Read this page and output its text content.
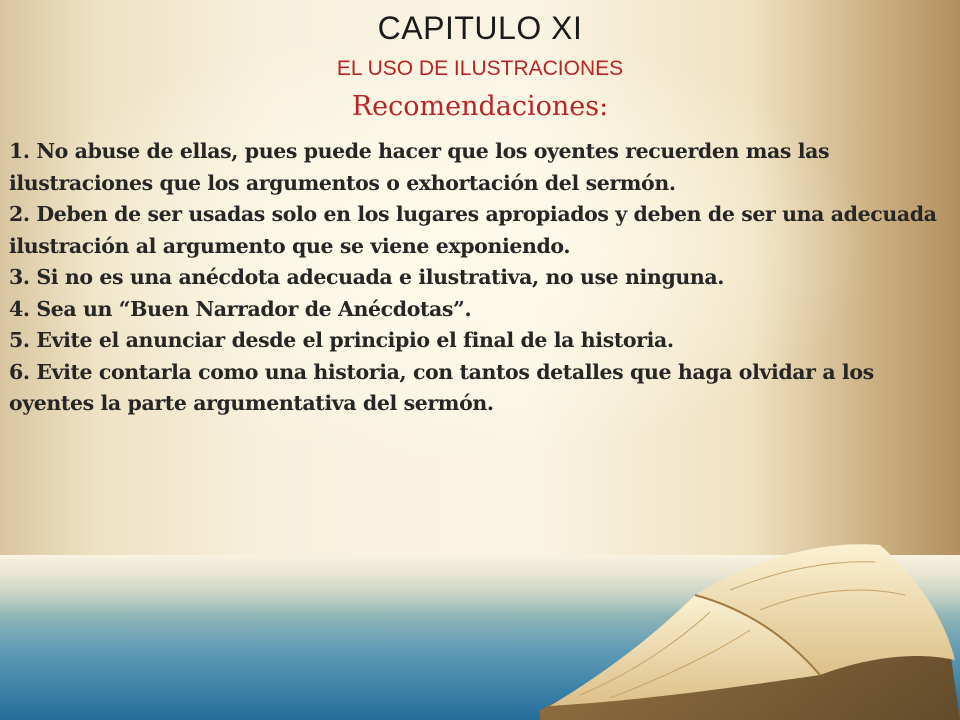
CAPITULO XI
EL USO DE ILUSTRACIONES
Recomendaciones:

1. No abuse de ellas, pues puede hacer que los oyentes recuerden mas las ilustraciones que los argumentos o exhortación del sermón.

2. Deben de ser usadas solo en los lugares apropiados y deben de ser una adecuada ilustración al argumento que se viene exponiendo.

3. Si no es una anécdota adecuada e ilustrativa, no use ninguna.

4. Sea un “Buen Narrador de Anécdotas”.

5. Evite el anunciar desde el principio el final de la historia.

6. Evite contarla como una historia, con tantos detalles que haga olvidar a los oyentes la parte argumentativa del sermón.
